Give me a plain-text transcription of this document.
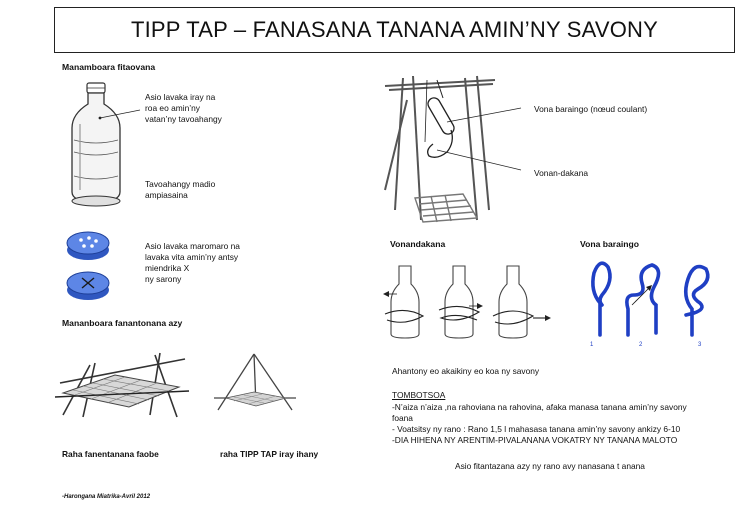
TIPP TAP – FANASANA TANANA AMIN’NY SAVONY
Manamboara fitaovana
Asio lavaka iray na
roa eo amin’ny
vatan’ny tavoahangy
Tavoahangy madio
ampiasaina
Asio lavaka maromaro na
lavaka vita amin’ny antsy
miendrika X
ny sarony
Mananboara fanantonana azy
Raha fanentanana faobe	raha TIPP TAP iray ihany
Vona baraingo (nœud coulant)
Vonan-dakana
Vonandakana
Ahantony eo akaikiny eo koa ny savony
Vona baraingo
1	2	3
TOMBOTSOA
-N’aiza n’aiza ,na rahoviana na rahovina, afaka manasa tanana amin’ny savony
foana
- Voatsitsy ny rano : Rano 1,5 l mahasasa tanana amin’ny savony ankizy 6-10
-DIA HIHENA NY ARENTIM-PIVALANANA VOKATRY NY TANANA MALOTO
Asio fitantazana azy ny rano avy nanasana t anana
-Harongana Miatrika-Avril 2012
